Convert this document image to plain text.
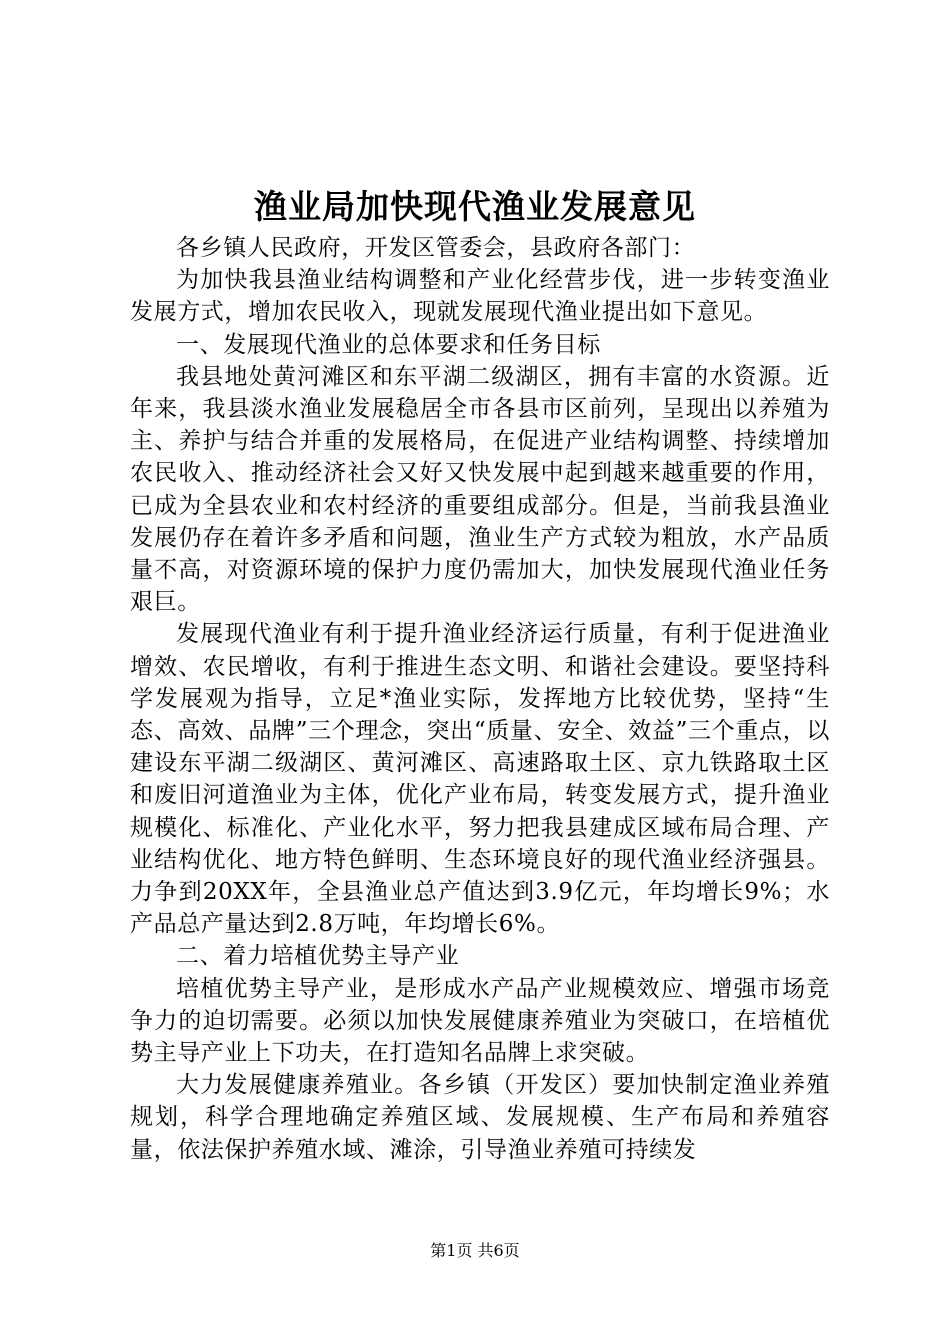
渔业局加快现代渔业发展意见

各乡镇人民政府，开发区管委会，县政府各部门：

为加快我县渔业结构调整和产业化经营步伐，进一步转变渔业发展方式，增加农民收入，现就发展现代渔业提出如下意见。

一、发展现代渔业的总体要求和任务目标

我县地处黄河滩区和东平湖二级湖区，拥有丰富的水资源。近年来，我县淡水渔业发展稳居全市各县市区前列，呈现出以养殖为主、养护与结合并重的发展格局，在促进产业结构调整、持续增加农民收入、推动经济社会又好又快发展中起到越来越重要的作用，已成为全县农业和农村经济的重要组成部分。但是，当前我县渔业发展仍存在着许多矛盾和问题，渔业生产方式较为粗放，水产品质量不高，对资源环境的保护力度仍需加大，加快发展现代渔业任务艰巨。

发展现代渔业有利于提升渔业经济运行质量，有利于促进渔业增效、农民增收，有利于推进生态文明、和谐社会建设。要坚持科学发展观为指导，立足*渔业实际，发挥地方比较优势，坚持“生态、高效、品牌”三个理念，突出“质量、安全、效益”三个重点，以建设东平湖二级湖区、黄河滩区、高速路取土区、京九铁路取土区和废旧河道渔业为主体，优化产业布局，转变发展方式，提升渔业规模化、标准化、产业化水平，努力把我县建成区域布局合理、产业结构优化、地方特色鲜明、生态环境良好的现代渔业经济强县。力争到20XX年，全县渔业总产值达到3.9亿元，年均增长9%；水产品总产量达到2.8万吨，年均增长6%。

二、着力培植优势主导产业

培植优势主导产业，是形成水产品产业规模效应、增强市场竞争力的迫切需要。必须以加快发展健康养殖业为突破口，在培植优势主导产业上下功夫，在打造知名品牌上求突破。

大力发展健康养殖业。各乡镇（开发区）要加快制定渔业养殖规划，科学合理地确定养殖区域、发展规模、生产布局和养殖容量，依法保护养殖水域、滩涂，引导渔业养殖可持续发

第1页 共6页
